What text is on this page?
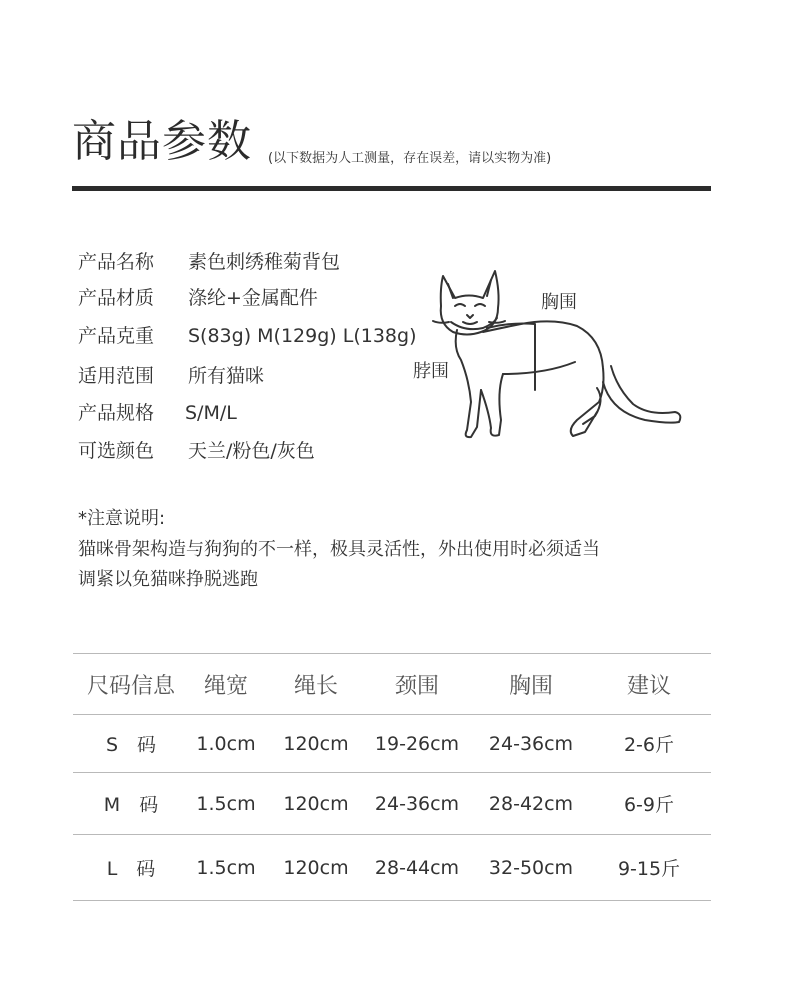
商品参数 (以下数据为人工测量，存在误差，请以实物为准)
产品名称 素色刺绣稚菊背包
产品材质 涤纶+金属配件
产品克重 S(83g) M(129g) L(138g)
适用范围 所有猫咪
产品规格 S/M/L
可选颜色 天兰/粉色/灰色
胸围
脖围
*注意说明:
猫咪骨架构造与狗狗的不一样，极具灵活性，外出使用时必须适当
调紧以免猫咪挣脱逃跑
尺码信息	绳宽	绳长	颈围	胸围	建议
S　码	1.0cm	120cm	19-26cm	24-36cm	2-6斤
M　码	1.5cm	120cm	24-36cm	28-42cm	6-9斤
L　码	1.5cm	120cm	28-44cm	32-50cm	9-15斤
